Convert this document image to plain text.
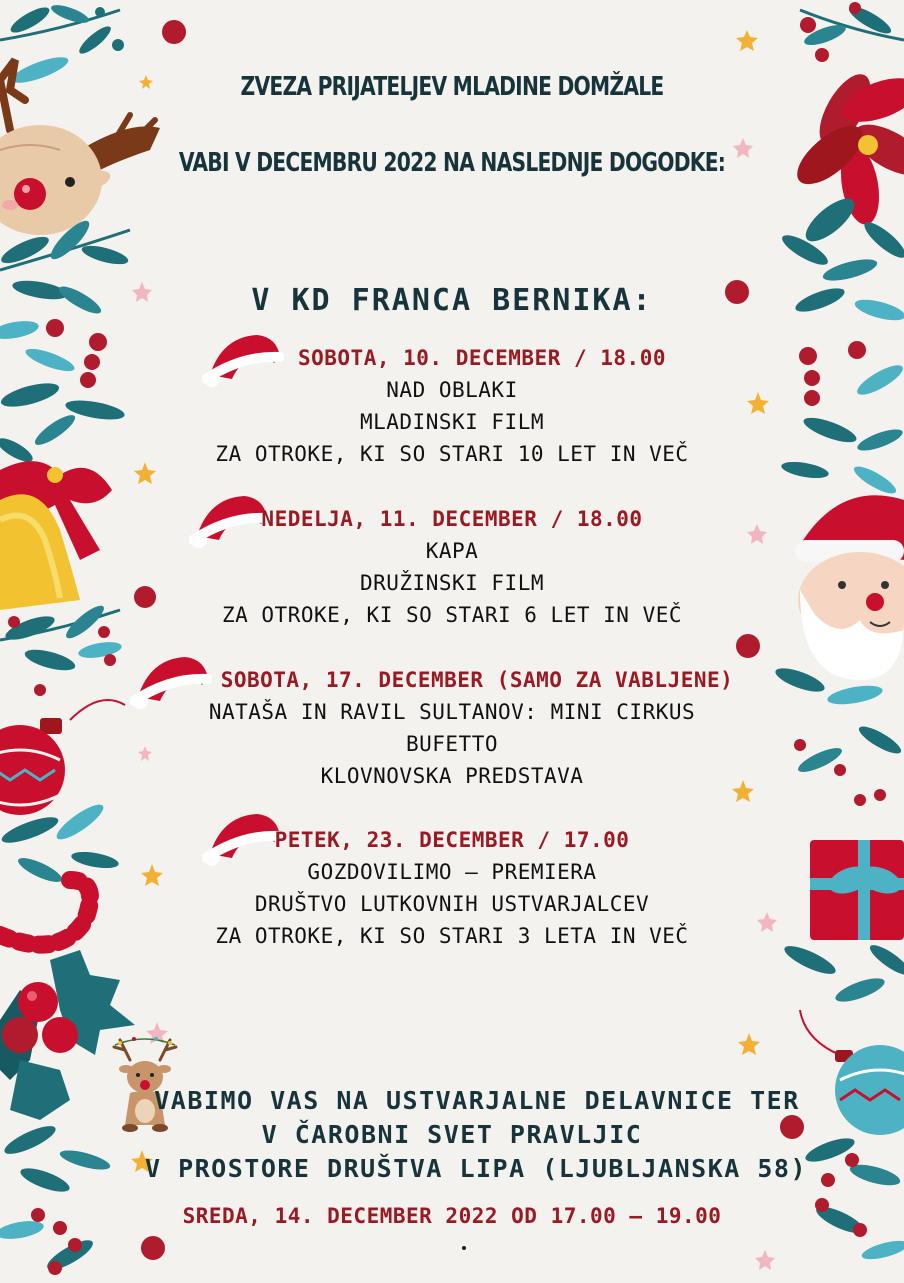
ZVEZA PRIJATELJEV MLADINE DOMŽALE
VABI V DECEMBRU 2022 NA NASLEDNJE DOGODKE:
V KD FRANCA BERNIKA:
SOBOTA, 10. DECEMBER / 18.00
NAD OBLAKI
MLADINSKI FILM
ZA OTROKE, KI SO STARI 10 LET IN VEČ
NEDELJA, 11. DECEMBER / 18.00
KAPA
DRUŽINSKI FILM
ZA OTROKE, KI SO STARI 6 LET IN VEČ
SOBOTA, 17. DECEMBER (SAMO ZA VABLJENE)
NATAŠA IN RAVIL SULTANOV: MINI CIRKUS
BUFETTO
KLOVNOVSKA PREDSTAVA
PETEK, 23. DECEMBER / 17.00
GOZDOVILIMO – PREMIERA
DRUŠTVO LUTKOVNIH USTVARJALCEV
ZA OTROKE, KI SO STARI 3 LETA IN VEČ
VABIMO VAS NA USTVARJALNE DELAVNICE TER
V ČAROBNI SVET PRAVLJIC
V PROSTORE DRUŠTVA LIPA (LJUBLJANSKA 58)
SREDA, 14. DECEMBER 2022 OD 17.00 – 19.00
